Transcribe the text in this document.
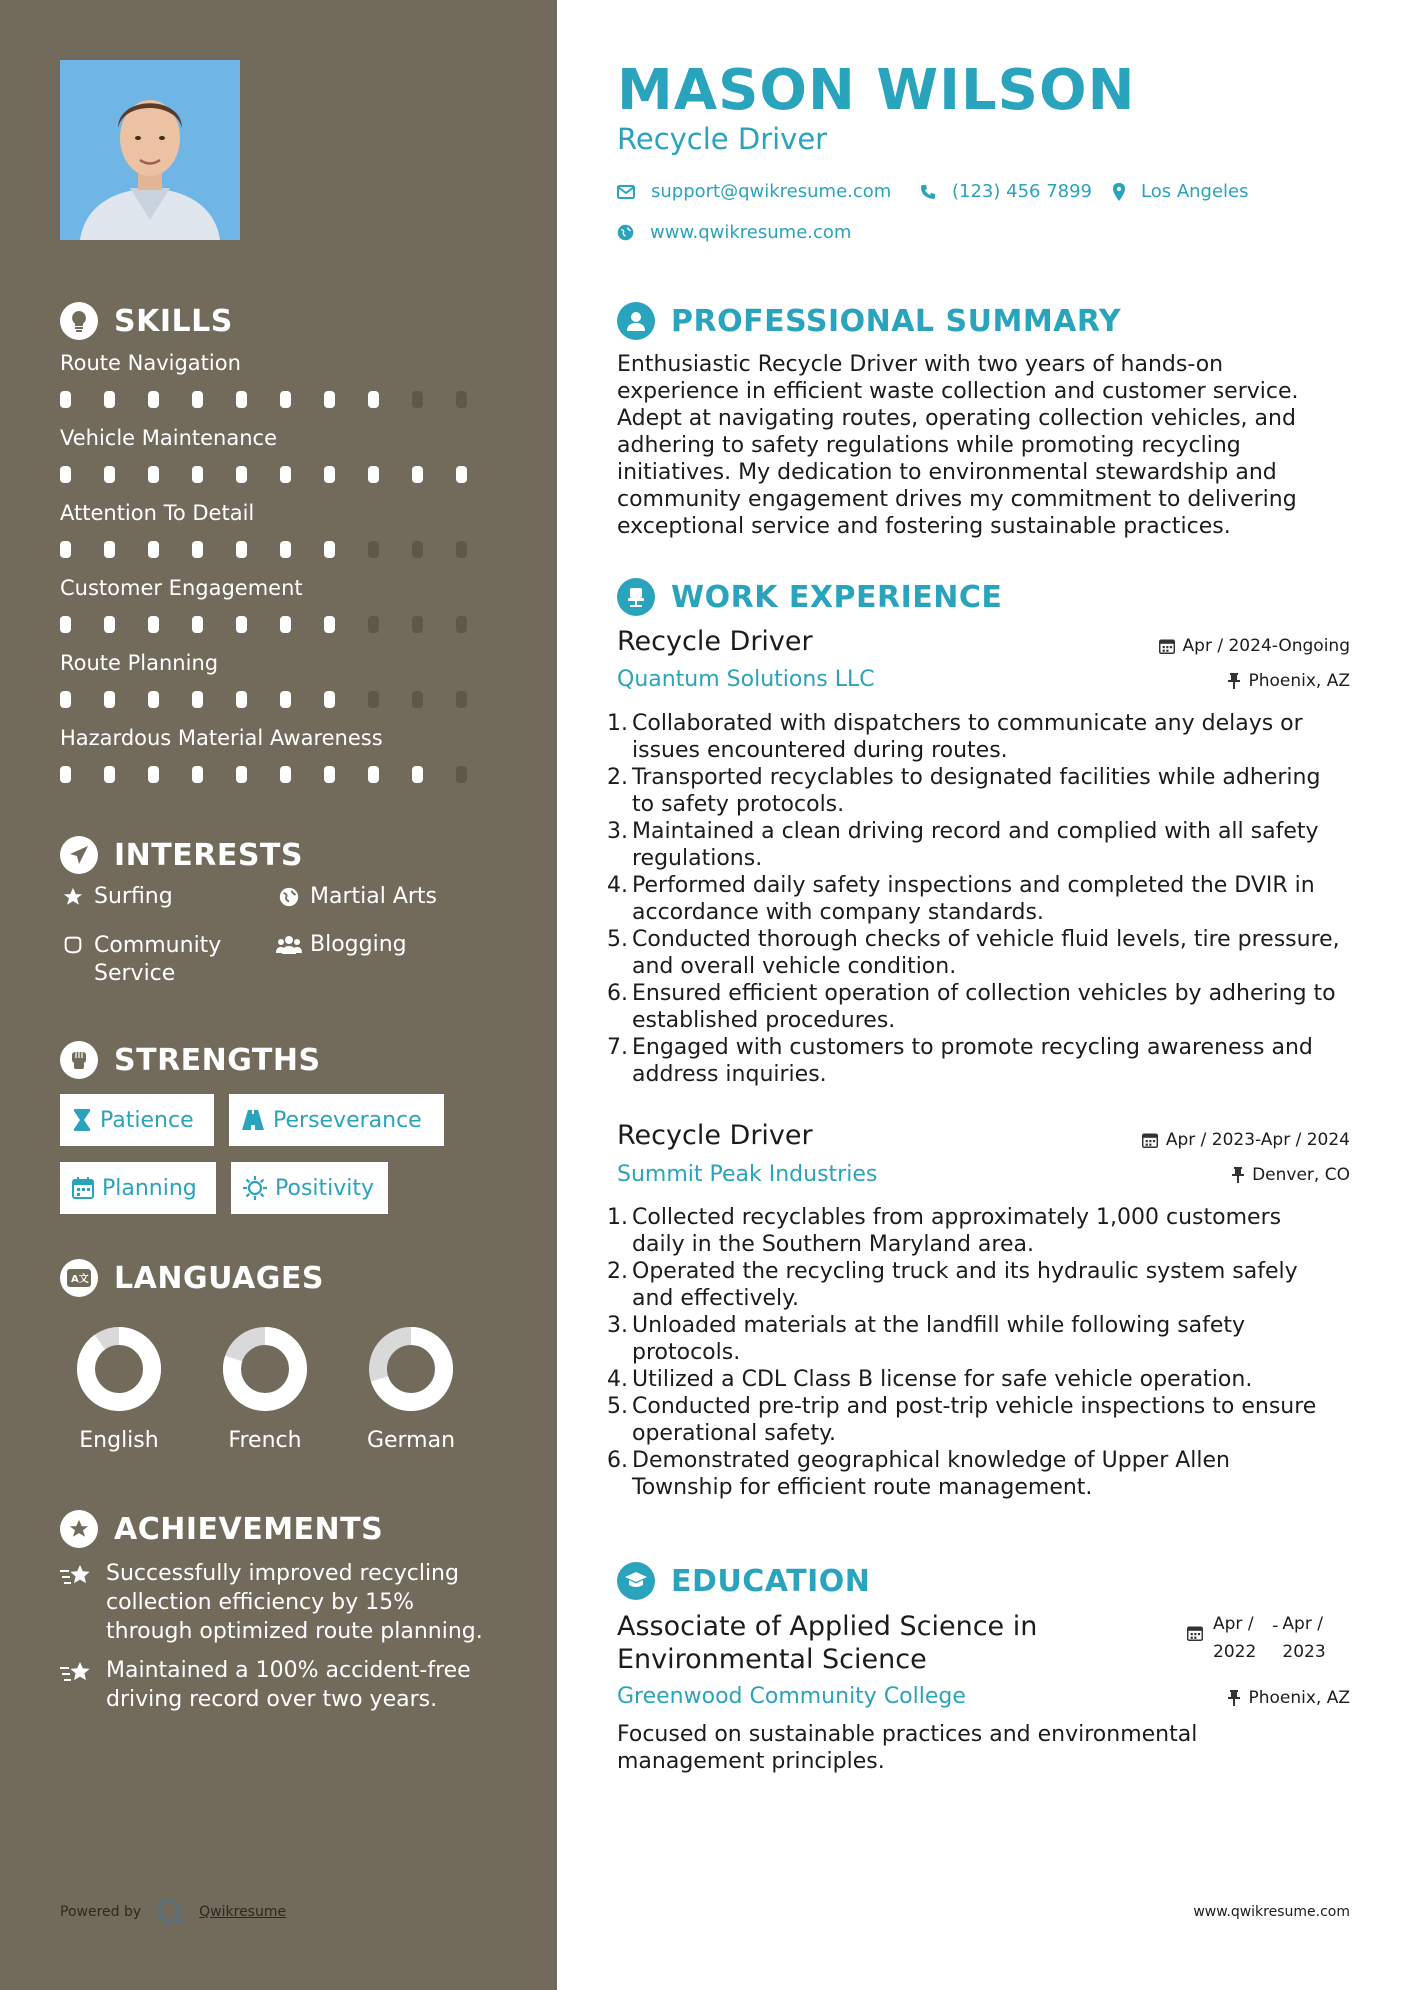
SKILLS
Route Navigation
Vehicle Maintenance
Attention To Detail
Customer Engagement
Route Planning
Hazardous Material Awareness
INTERESTS
Surfing	Martial Arts
Community
Service
Blogging
STRENGTHS
Patience	Perseverance
Planning	Positivity
A文 LANGUAGES
English	French	German
ACHIEVEMENTS
Successfully improved recycling
collection efficiency by 15%
through optimized route planning.
Maintained a 100% accident-free
driving record over two years.
Powered by	Qwikresume
MASON WILSON
Recycle Driver
support@qwikresume.com	(123) 456 7899	Los Angeles
www.qwikresume.com
PROFESSIONAL SUMMARY
Enthusiastic Recycle Driver with two years of hands-on
experience in efficient waste collection and customer service.
Adept at navigating routes, operating collection vehicles, and
adhering to safety regulations while promoting recycling
initiatives. My dedication to environmental stewardship and
community engagement drives my commitment to delivering
exceptional service and fostering sustainable practices.
WORK EXPERIENCE
Recycle Driver	Apr / 2024-Ongoing
Quantum Solutions LLC	Phoenix, AZ
1. Collaborated with dispatchers to communicate any delays or
issues encountered during routes.
2. Transported recyclables to designated facilities while adhering
to safety protocols.
3. Maintained a clean driving record and complied with all safety
regulations.
4. Performed daily safety inspections and completed the DVIR in
accordance with company standards.
5. Conducted thorough checks of vehicle fluid levels, tire pressure,
and overall vehicle condition.
6. Ensured efficient operation of collection vehicles by adhering to
established procedures.
7. Engaged with customers to promote recycling awareness and
address inquiries.
Recycle Driver	Apr / 2023-Apr / 2024
Summit Peak Industries	Denver, CO
1. Collected recyclables from approximately 1,000 customers
daily in the Southern Maryland area.
2. Operated the recycling truck and its hydraulic system safely
and effectively.
3. Unloaded materials at the landfill while following safety
protocols.
4. Utilized a CDL Class B license for safe vehicle operation.
5. Conducted pre-trip and post-trip vehicle inspections to ensure
operational safety.
6. Demonstrated geographical knowledge of Upper Allen
Township for efficient route management.
EDUCATION
Associate of Applied Science in
Environmental Science
Apr /
2022
- Apr /
2023
Greenwood Community College	Phoenix, AZ
Focused on sustainable practices and environmental
management principles.
www.qwikresume.com
